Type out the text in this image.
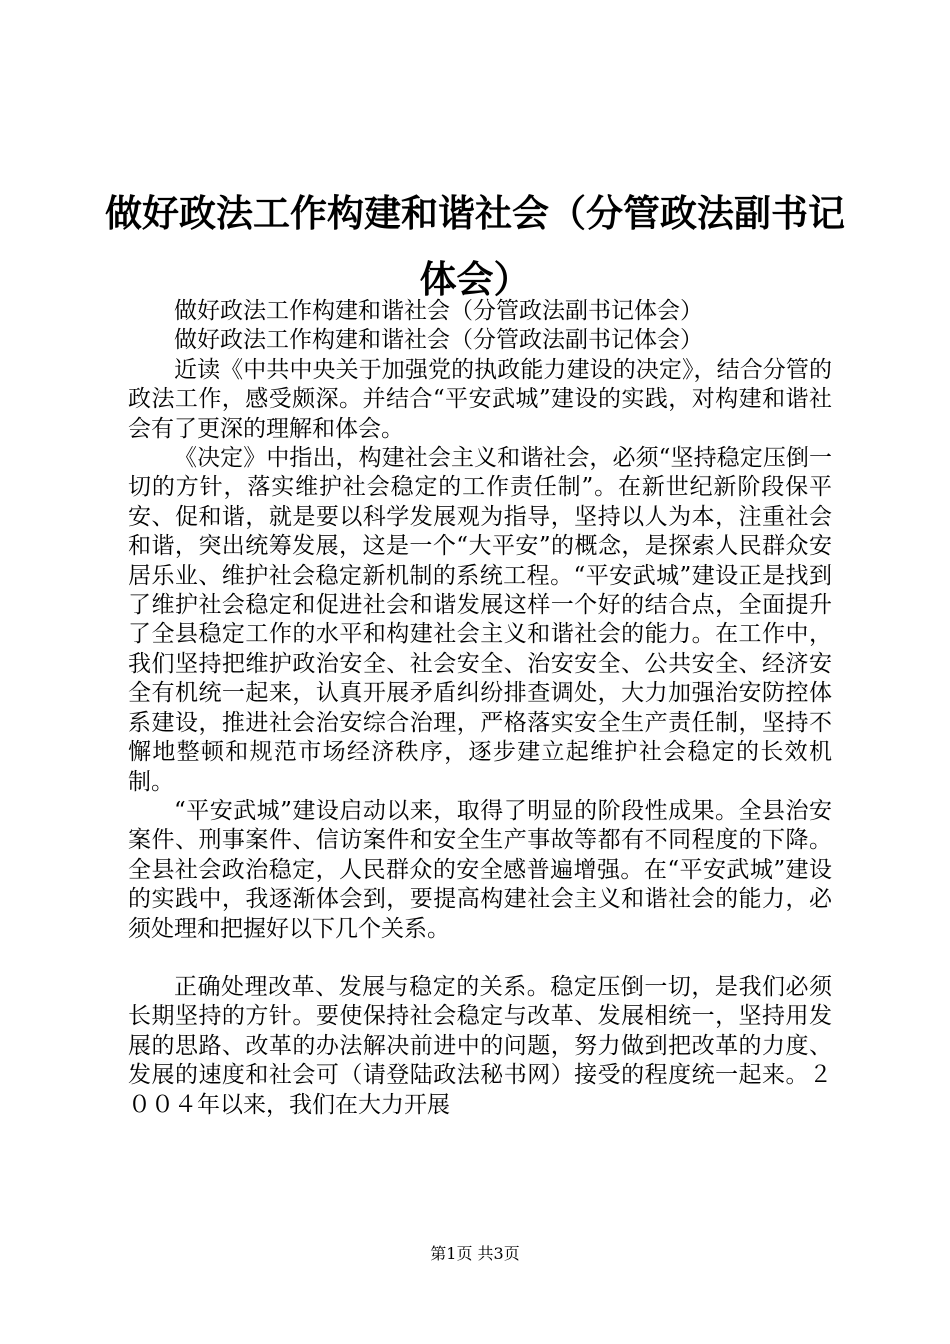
做好政法工作构建和谐社会（分管政法副书记体会）

做好政法工作构建和谐社会（分管政法副书记体会）

做好政法工作构建和谐社会（分管政法副书记体会）

近读《中共中央关于加强党的执政能力建设的决定》，结合分管的政法工作，感受颇深。并结合“平安武城”建设的实践，对构建和谐社会有了更深的理解和体会。

《决定》中指出，构建社会主义和谐社会，必须“坚持稳定压倒一切的方针，落实维护社会稳定的工作责任制”。在新世纪新阶段保平安、促和谐，就是要以科学发展观为指导，坚持以人为本，注重社会和谐，突出统筹发展，这是一个“大平安”的概念，是探索人民群众安居乐业、维护社会稳定新机制的系统工程。“平安武城”建设正是找到了维护社会稳定和促进社会和谐发展这样一个好的结合点，全面提升了全县稳定工作的水平和构建社会主义和谐社会的能力。在工作中，我们坚持把维护政治安全、社会安全、治安安全、公共安全、经济安全有机统一起来，认真开展矛盾纠纷排查调处，大力加强治安防控体系建设，推进社会治安综合治理，严格落实安全生产责任制，坚持不懈地整顿和规范市场经济秩序，逐步建立起维护社会稳定的长效机制。

“平安武城”建设启动以来，取得了明显的阶段性成果。全县治安案件、刑事案件、信访案件和安全生产事故等都有不同程度的下降。全县社会政治稳定，人民群众的安全感普遍增强。在“平安武城”建设的实践中，我逐渐体会到，要提高构建社会主义和谐社会的能力，必须处理和把握好以下几个关系。

正确处理改革、发展与稳定的关系。稳定压倒一切，是我们必须长期坚持的方针。要使保持社会稳定与改革、发展相统一，坚持用发展的思路、改革的办法解决前进中的问题，努力做到把改革的力度、发展的速度和社会可（请登陆政法秘书网）接受的程度统一起来。２００４年以来，我们在大力开展

第1页 共3页
